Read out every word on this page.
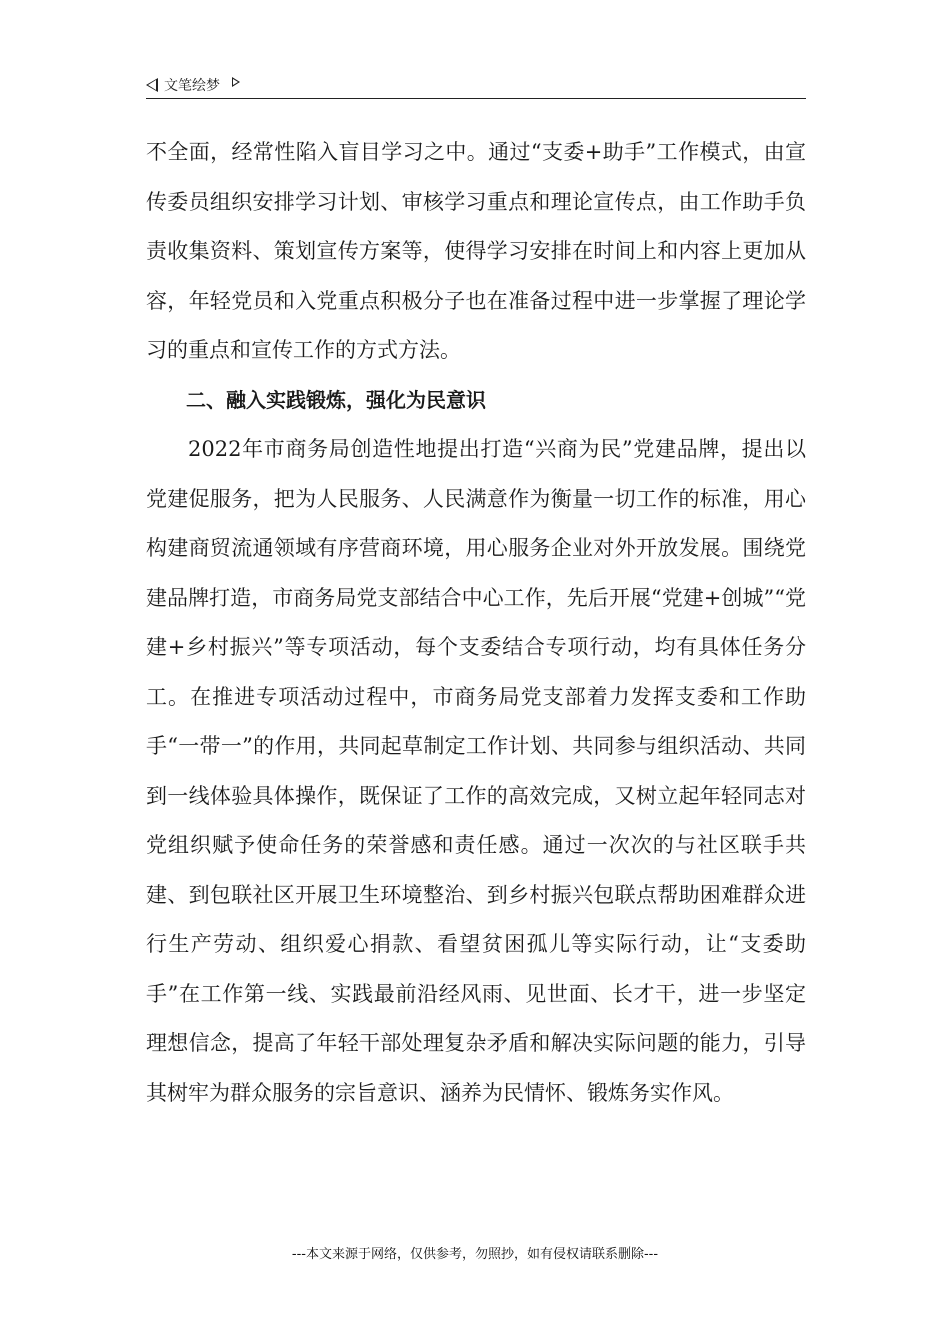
文笔绘梦

不全面，经常性陷入盲目学习之中。通过“支委+助手”工作模式，由宣传委员组织安排学习计划、审核学习重点和理论宣传点，由工作助手负责收集资料、策划宣传方案等，使得学习安排在时间上和内容上更加从容，年轻党员和入党重点积极分子也在准备过程中进一步掌握了理论学习的重点和宣传工作的方式方法。

二、融入实践锻炼，强化为民意识

2022年市商务局创造性地提出打造“兴商为民”党建品牌，提出以党建促服务，把为人民服务、人民满意作为衡量一切工作的标准，用心构建商贸流通领域有序营商环境，用心服务企业对外开放发展。围绕党建品牌打造，市商务局党支部结合中心工作，先后开展“党建+创城”“党建+乡村振兴”等专项活动，每个支委结合专项行动，均有具体任务分工。在推进专项活动过程中，市商务局党支部着力发挥支委和工作助手“一带一”的作用，共同起草制定工作计划、共同参与组织活动、共同到一线体验具体操作，既保证了工作的高效完成，又树立起年轻同志对党组织赋予使命任务的荣誉感和责任感。通过一次次的与社区联手共建、到包联社区开展卫生环境整治、到乡村振兴包联点帮助困难群众进行生产劳动、组织爱心捐款、看望贫困孤儿等实际行动，让“支委助手”在工作第一线、实践最前沿经风雨、见世面、长才干，进一步坚定理想信念，提高了年轻干部处理复杂矛盾和解决实际问题的能力，引导其树牢为群众服务的宗旨意识、涵养为民情怀、锻炼务实作风。

---本文来源于网络，仅供参考，勿照抄，如有侵权请联系删除---
